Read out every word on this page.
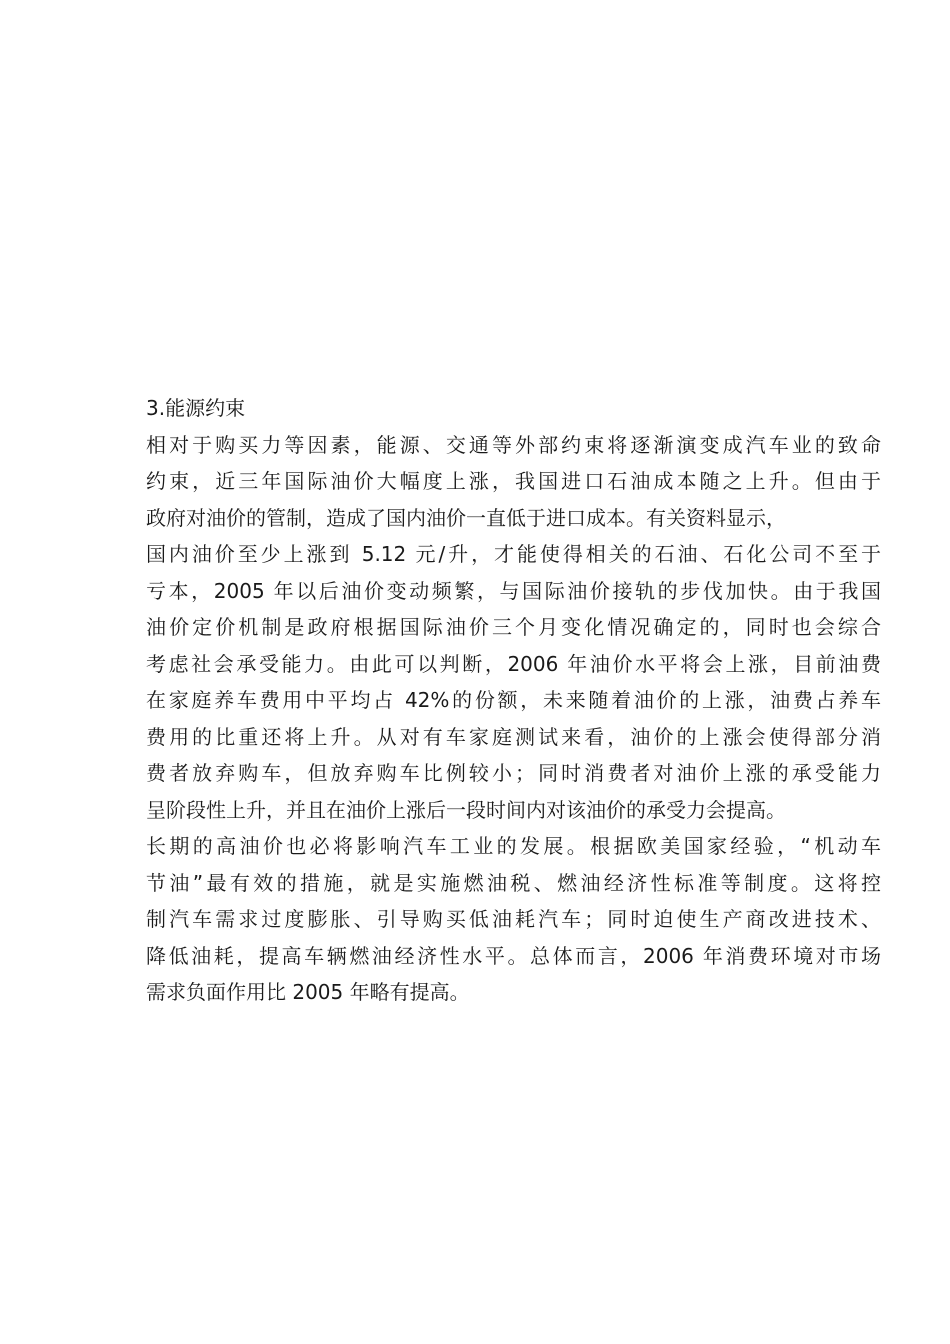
3.能源约束
相对于购买力等因素，能源、交通等外部约束将逐渐演变成汽车业的致命
约束，近三年国际油价大幅度上涨，我国进口石油成本随之上升。但由于
政府对油价的管制，造成了国内油价一直低于进口成本。有关资料显示，
国内油价至少上涨到 5.12 元/升，才能使得相关的石油、石化公司不至于
亏本，2005 年以后油价变动频繁，与国际油价接轨的步伐加快。由于我国
油价定价机制是政府根据国际油价三个月变化情况确定的，同时也会综合
考虑社会承受能力。由此可以判断，2006 年油价水平将会上涨，目前油费
在家庭养车费用中平均占 42%的份额，未来随着油价的上涨，油费占养车
费用的比重还将上升。从对有车家庭测试来看，油价的上涨会使得部分消
费者放弃购车，但放弃购车比例较小；同时消费者对油价上涨的承受能力
呈阶段性上升，并且在油价上涨后一段时间内对该油价的承受力会提高。
长期的高油价也必将影响汽车工业的发展。根据欧美国家经验，“机动车
节油”最有效的措施，就是实施燃油税、燃油经济性标准等制度。这将控
制汽车需求过度膨胀、引导购买低油耗汽车；同时迫使生产商改进技术、
降低油耗，提高车辆燃油经济性水平。总体而言，2006 年消费环境对市场
需求负面作用比 2005 年略有提高。
